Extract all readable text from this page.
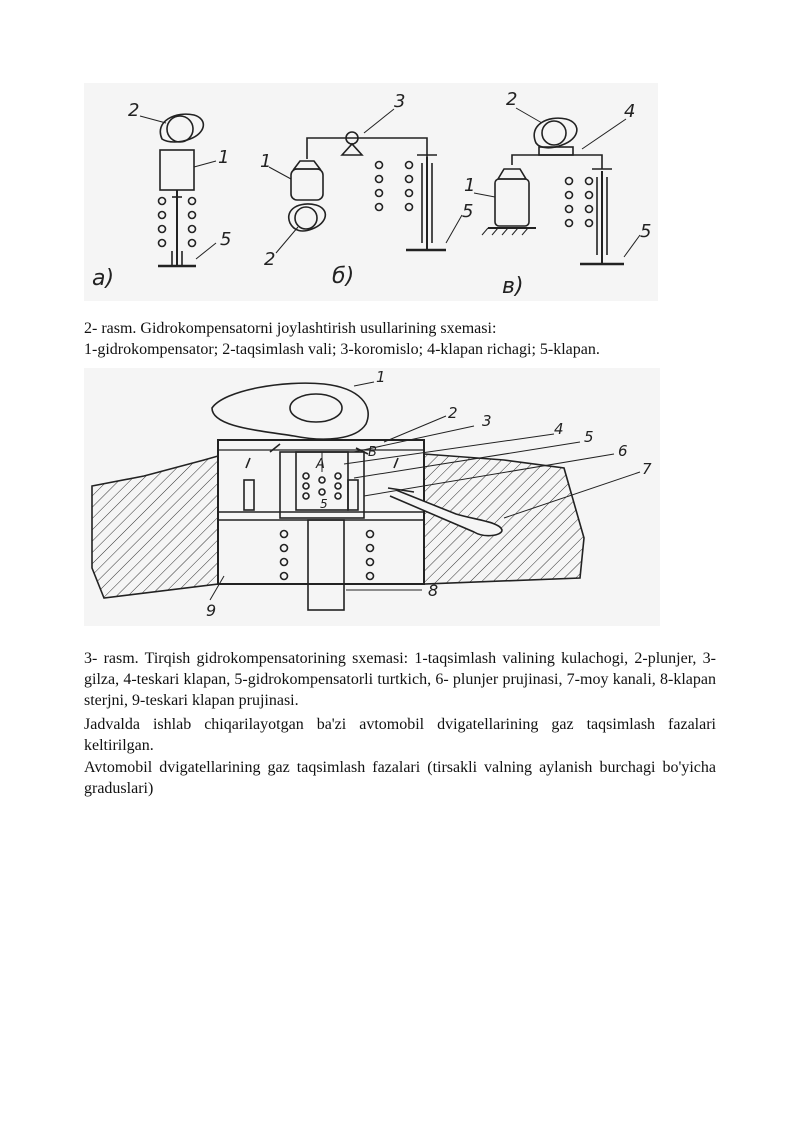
2
1
5
а)
3
1
2
5
б)
2
4
1
5
в)

2- rasm. Gidrokompensatorni joylashtirish usullarining sxemasi:
1-gidrokompensator; 2-taqsimlash vali; 3-koromislo; 4-klapan richagi; 5-klapan.

1
2 3	4 5
6
7
8
9
A
B
5

3- rasm. Tirqish gidrokompensatorining sxemasi: 1-taqsimlash valining kulachogi, 2-plunjer, 3-gilza, 4-teskari klapan, 5-gidrokompensatorli turtkich, 6- plunjer prujinasi, 7-moy kanali, 8-klapan sterjni, 9-teskari klapan prujinasi.

Jadvalda ishlab chiqarilayotgan ba'zi avtomobil dvigatellarining gaz taqsimlash fazalari keltirilgan.

Avtomobil dvigatellarining gaz taqsimlash fazalari (tirsakli valning aylanish burchagi bo'yicha graduslari)
